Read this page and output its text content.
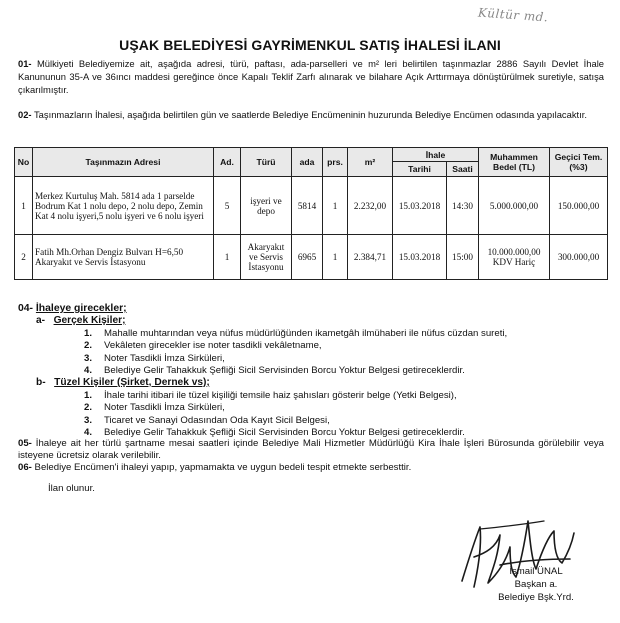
Kültür md.
UŞAK BELEDİYESİ GAYRİMENKUL SATIŞ İHALESİ İLANI
01- Mülkiyeti Belediyemize ait, aşağıda adresi, türü, paftası, ada-parselleri ve m² leri belirtilen taşınmazlar 2886 Sayılı Devlet İhale Kanununun 35-A ve 36ıncı maddesi gereğince önce Kapalı Teklif Zarfı alınarak ve bilahare Açık Arttırmaya dönüştürülmek suretiyle, satışa çıkarılmıştır.
02- Taşınmazların İhalesi, aşağıda belirtilen gün ve saatlerde Belediye Encümeninin huzurunda Belediye Encümen odasında yapılacaktır.
No	Taşınmazın Adresi	Ad.	Türü	ada	prs.	m²	İhale		Muhammen Bedel (TL)	Geçici Tem. (%3)
							Tarihi	Saati		
1	Merkez Kurtuluş Mah. 5814 ada 1 parselde Bodrum Kat 1 nolu depo, 2 nolu depo, Zemin Kat 4 nolu işyeri,5 nolu işyeri ve 6 nolu işyeri	5	işyeri ve depo	5814	1	2.232,00	15.03.2018	14:30	5.000.000,00	150.000,00
2	Fatih Mh.Orhan Dengiz Bulvarı H=6,50 Akaryakıt ve Servis İstasyonu	1	Akaryakıt ve Servis İstasyonu	6965	1	2.384,71	15.03.2018	15:00	10.000.000,00 KDV Hariç	300.000,00
04- İhaleye girecekler;
a- Gerçek Kişiler;
1. Mahalle muhtarından veya nüfus müdürlüğünden ikametgâh ilmühaberi ile nüfus cüzdan sureti,
2. Vekâleten girecekler ise noter tasdikli vekâletname,
3. Noter Tasdikli İmza Sirküleri,
4. Belediye Gelir Tahakkuk Şefliği Sicil Servisinden Borcu Yoktur Belgesi getireceklerdir.
b- Tüzel Kişiler (Şirket, Dernek vs);
1. İhale tarihi itibari ile tüzel kişiliği temsile haiz şahısları gösterir belge (Yetki Belgesi),
2. Noter Tasdikli İmza Sirküleri,
3. Ticaret ve Sanayi Odasından Oda Kayıt Sicil Belgesi,
4. Belediye Gelir Tahakkuk Şefliği Sicil Servisinden Borcu Yoktur Belgesi getireceklerdir.
05- İhaleye ait her türlü şartname mesai saatleri içinde Belediye Mali Hizmetler Müdürlüğü Kira İhale İşleri Bürosunda görülebilir veya isteyene ücretsiz olarak verilebilir.
06- Belediye Encümen'i ihaleyi yapıp, yapmamakta ve uygun bedeli tespit etmekte serbesttir.
İlan olunur.
İsmail ÜNAL
Başkan a.
Belediye Bşk.Yrd.
